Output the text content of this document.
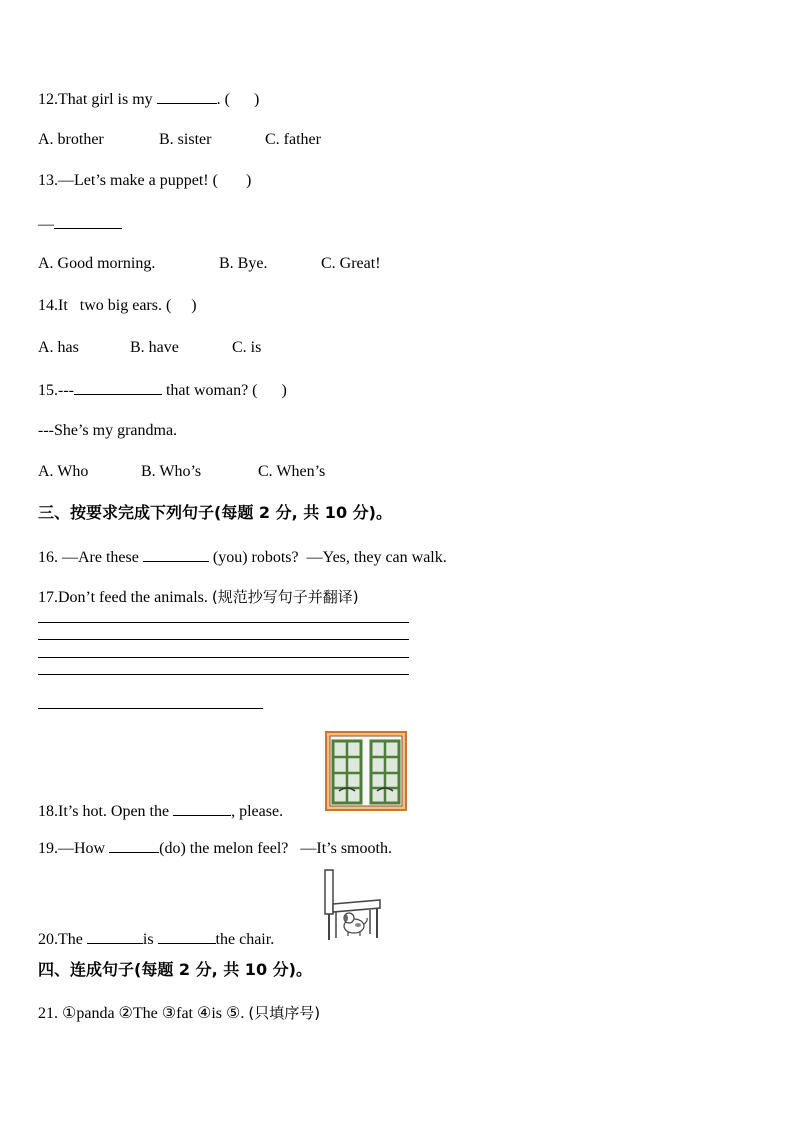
12.That girl is my	. (      )
A. brother	B. sister	C. father
13.—Let’s make a puppet! (       )
—
A. Good morning.	B. Bye.	C. Great!
14.It   two big ears. (     )
A. has	B. have	C. is
15.---	that woman? (      )
---She’s my grandma.
A. Who	B. Who’s	C. When’s
三、按要求完成下列句子(每题 2 分, 共 10 分)。
16. —Are these	(you) robots?  —Yes, they can walk.
17.Don’t feed the animals. (规范抄写句子并翻译)
18.It’s hot. Open the	, please.
19.—How	(do) the melon feel?   —It’s smooth.
20.The	is	the chair.
四、连成句子(每题 2 分, 共 10 分)。
21. ①panda ②The ③fat ④is ⑤. (只填序号)
